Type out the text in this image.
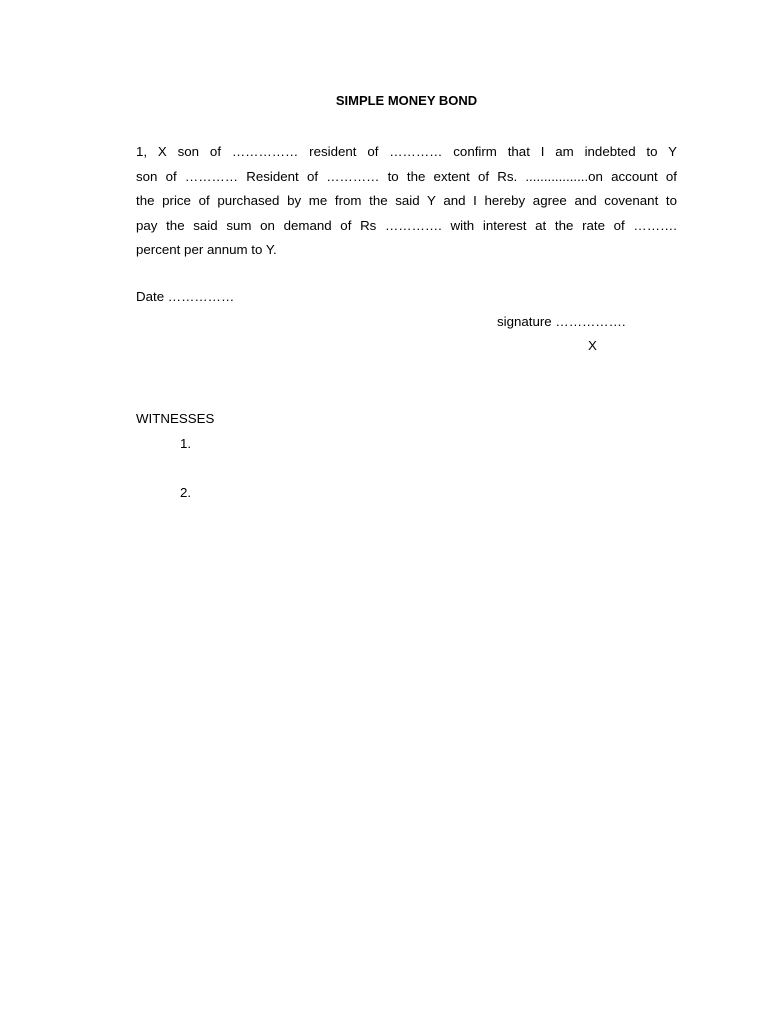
SIMPLE MONEY BOND
1, X son of …………… resident of ………… confirm that I am indebted to Y
son of ………… Resident of ………… to the extent of Rs. .................on account of
the price of purchased by me from the said Y and I hereby agree and covenant to
pay the said sum on demand of Rs …………. with interest at the rate of ……….
percent per annum to Y.

Date ……………

signature …………….

X

WITNESSES

1.

2.
